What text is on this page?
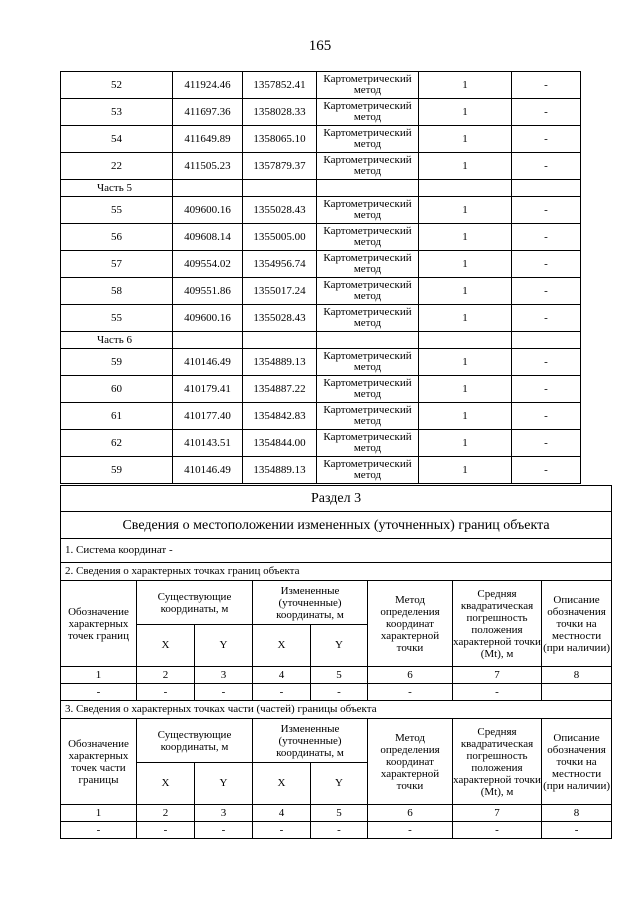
165
52	411924.46	1357852.41	Картометрический метод	1	-
53	411697.36	1358028.33	Картометрический метод	1	-
54	411649.89	1358065.10	Картометрический метод	1	-
22	411505.23	1357879.37	Картометрический метод	1	-
Часть 5					
55	409600.16	1355028.43	Картометрический метод	1	-
56	409608.14	1355005.00	Картометрический метод	1	-
57	409554.02	1354956.74	Картометрический метод	1	-
58	409551.86	1355017.24	Картометрический метод	1	-
55	409600.16	1355028.43	Картометрический метод	1	-
Часть 6					
59	410146.49	1354889.13	Картометрический метод	1	-
60	410179.41	1354887.22	Картометрический метод	1	-
61	410177.40	1354842.83	Картометрический метод	1	-
62	410143.51	1354844.00	Картометрический метод	1	-
59	410146.49	1354889.13	Картометрический метод	1	-
Раздел 3							
Сведения о местоположении измененных (уточненных) границ объекта							
1. Система координат -							
2. Сведения о характерных точках границ объекта							
Обозначение характерных точек границ	Существующие координаты, м		Измененные (уточненные) координаты, м		Метод определения координат характерной точки	Средняя квадратическая погрешность положения характерной точки (Mt), м	Описание обозначения точки на местности (при наличии)
	X	Y	X	Y			
1	2	3	4	5	6	7	8
-	-	-	-	-	-	-	
3. Сведения о характерных точках части (частей) границы объекта							
Обозначение характерных точек части границы	Существующие координаты, м		Измененные (уточненные) координаты, м		Метод определения координат характерной точки	Средняя квадратическая погрешность положения характерной точки (Mt), м	Описание обозначения точки на местности (при наличии)
	X	Y	X	Y			
1	2	3	4	5	6	7	8
-	-	-	-	-	-	-	-
